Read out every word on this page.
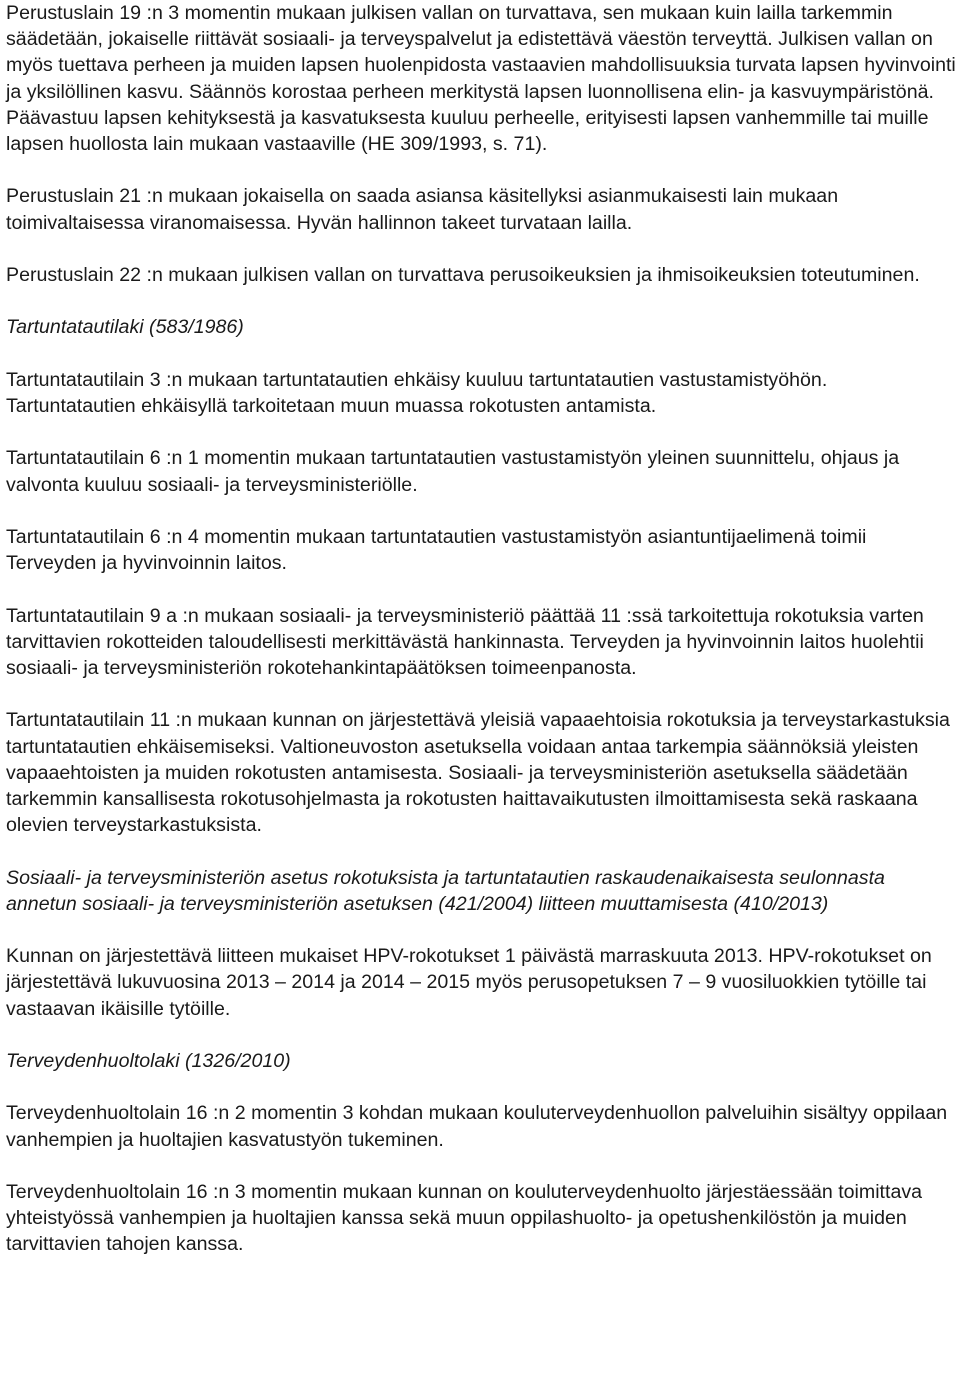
Perustuslain 19 :n 3 momentin mukaan julkisen vallan on turvattava, sen mukaan kuin lailla tarkemmin säädetään, jokaiselle riittävät sosiaali- ja terveyspalvelut ja edistettävä väestön terveyttä. Julkisen vallan on myös tuettava perheen ja muiden lapsen huolenpidosta vastaavien mahdollisuuksia turvata lapsen hyvinvointi ja yksilöllinen kasvu. Säännös korostaa perheen merkitystä lapsen luonnollisena elin- ja kasvuympäristönä. Päävastuu lapsen kehityksestä ja kasvatuksesta kuuluu perheelle, erityisesti lapsen vanhemmille tai muille lapsen huollosta lain mukaan vastaaville (HE 309/1993, s. 71).

Perustuslain 21 :n mukaan jokaisella on saada asiansa käsitellyksi asianmukaisesti lain mukaan toimivaltaisessa viranomaisessa. Hyvän hallinnon takeet turvataan lailla.

Perustuslain 22 :n mukaan julkisen vallan on turvattava perusoikeuksien ja ihmisoikeuksien toteutuminen.

Tartuntatautilaki (583/1986)

Tartuntatautilain 3 :n mukaan tartuntatautien ehkäisy kuuluu tartuntatautien vastustamistyöhön. Tartuntatautien ehkäisyllä tarkoitetaan muun muassa rokotusten antamista.

Tartuntatautilain 6 :n 1 momentin mukaan tartuntatautien vastustamistyön yleinen suunnittelu, ohjaus ja valvonta kuuluu sosiaali- ja terveysministeriölle.

Tartuntatautilain 6 :n 4 momentin mukaan tartuntatautien vastustamistyön asiantuntijaelimenä toimii Terveyden ja hyvinvoinnin laitos.

Tartuntatautilain 9 a :n mukaan sosiaali- ja terveysministeriö päättää 11 :ssä tarkoitettuja rokotuksia varten tarvittavien rokotteiden taloudellisesti merkittävästä hankinnasta. Terveyden ja hyvinvoinnin laitos huolehtii sosiaali- ja terveysministeriön rokotehankintapäätöksen toimeenpanosta.

Tartuntatautilain 11 :n mukaan kunnan on järjestettävä yleisiä vapaaehtoisia rokotuksia ja terveystarkastuksia tartuntatautien ehkäisemiseksi. Valtioneuvoston asetuksella voidaan antaa tarkempia säännöksiä yleisten vapaaehtoisten ja muiden rokotusten antamisesta. Sosiaali- ja terveysministeriön asetuksella säädetään tarkemmin kansallisesta rokotusohjelmasta ja rokotusten haittavaikutusten ilmoittamisesta sekä raskaana olevien terveystarkastuksista.

Sosiaali- ja terveysministeriön asetus rokotuksista ja tartuntatautien raskaudenaikaisesta seulonnasta annetun sosiaali- ja terveysministeriön asetuksen (421/2004) liitteen muuttamisesta (410/2013)

Kunnan on järjestettävä liitteen mukaiset HPV-rokotukset 1 päivästä marraskuuta 2013. HPV-rokotukset on järjestettävä lukuvuosina 2013 – 2014 ja 2014 – 2015 myös perusopetuksen 7 – 9 vuosiluokkien tytöille tai vastaavan ikäisille tytöille.

Terveydenhuoltolaki (1326/2010)

Terveydenhuoltolain 16 :n 2 momentin 3 kohdan mukaan kouluterveydenhuollon palveluihin sisältyy oppilaan vanhempien ja huoltajien kasvatustyön tukeminen.

Terveydenhuoltolain 16 :n 3 momentin mukaan kunnan on kouluterveydenhuolto järjestäessään toimittava yhteistyössä vanhempien ja huoltajien kanssa sekä muun oppilashuolto- ja opetushenkilöstön ja muiden tarvittavien tahojen kanssa.
